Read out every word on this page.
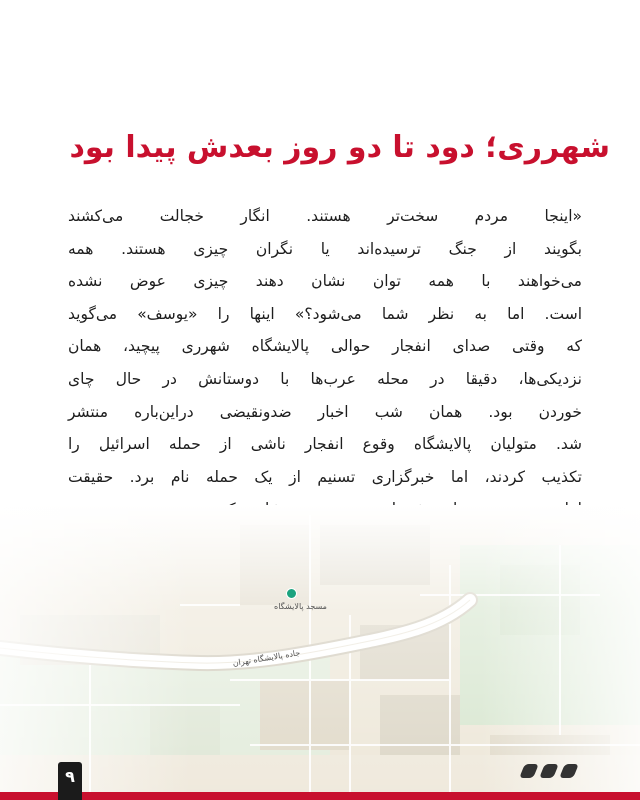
شهرری؛ دود تا دو روز بعدش پیدا بود
«اینجا مردم سخت‌تر هستند. انگار خجالت می‌کشند
بگویند از جنگ ترسیده‌اند یا نگران چیزی هستند. همه
می‌خواهند با همه توان نشان دهند چیزی عوض نشده
است. اما به نظر شما می‌شود؟» اینها را «یوسف» می‌گوید
که وقتی صدای انفجار حوالی پالایشگاه شهرری پیچید، همان
نزدیکی‌ها، دقیقا در محله عرب‌ها با دوستانش در حال چای
خوردن بود. همان شب اخبار ضدونقیضی دراین‌باره منتشر
شد. متولیان پالایشگاه وقوع انفجار ناشی از حمله اسرائیل را
تکذیب کردند، اما خبرگزاری تسنیم از یک حمله نام برد. حقیقت
مسجد پالایشگاه
جاده پالایشگاه تهران
۹
